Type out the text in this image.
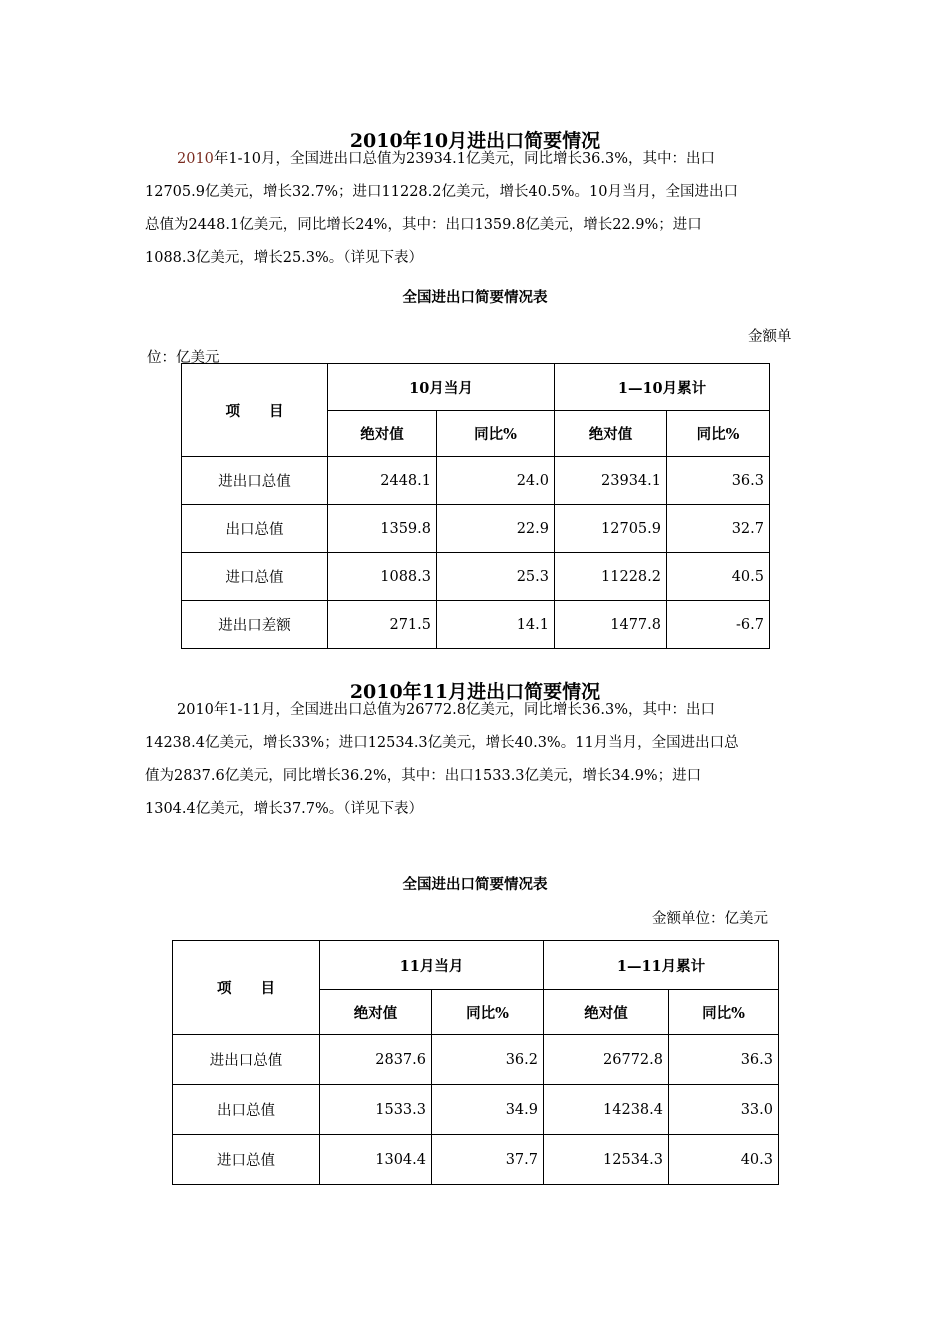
2010年10月进出口简要情况
2010年1-10月，全国进出口总值为23934.1亿美元，同比增长36.3%，其中：出口
12705.9亿美元，增长32.7%；进口11228.2亿美元，增长40.5%。10月当月，全国进出口
总值为2448.1亿美元，同比增长24%，其中：出口1359.8亿美元，增长22.9%；进口
1088.3亿美元，增长25.3%。（详见下表）
全国进出口简要情况表
金额单
位：亿美元
项　　目	10月当月		1—10月累计	
	绝对值	同比%	绝对值	同比%
进出口总值	2448.1	24.0	23934.1	36.3
出口总值	1359.8	22.9	12705.9	32.7
进口总值	1088.3	25.3	11228.2	40.5
进出口差额	271.5	14.1	1477.8	-6.7
2010年11月进出口简要情况
2010年1-11月，全国进出口总值为26772.8亿美元，同比增长36.3%，其中：出口
14238.4亿美元，增长33%；进口12534.3亿美元，增长40.3%。11月当月，全国进出口总
值为2837.6亿美元，同比增长36.2%，其中：出口1533.3亿美元，增长34.9%；进口
1304.4亿美元，增长37.7%。（详见下表）
全国进出口简要情况表
金额单位：亿美元
项　　目	11月当月		1—11月累计	
	绝对值	同比%	绝对值	同比%
进出口总值	2837.6	36.2	26772.8	36.3
出口总值	1533.3	34.9	14238.4	33.0
进口总值	1304.4	37.7	12534.3	40.3
